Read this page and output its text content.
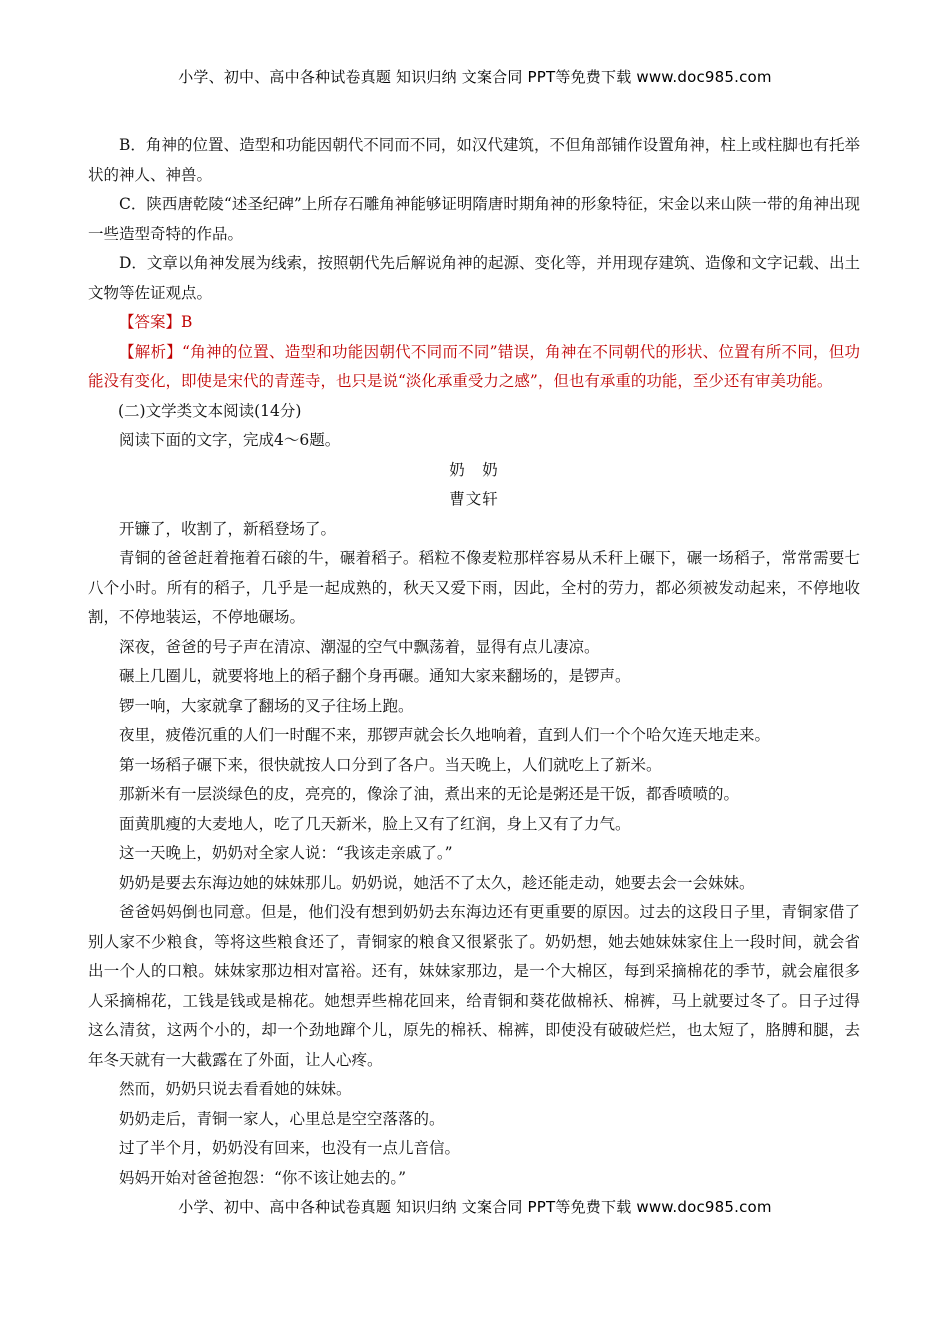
小学、初中、高中各种试卷真题 知识归纳 文案合同 PPT等免费下载 www.doc985.com

B．角神的位置、造型和功能因朝代不同而不同，如汉代建筑，不但角部铺作设置角神，柱上或柱脚也有托举状的神人、神兽。

C．陕西唐乾陵“述圣纪碑”上所存石雕角神能够证明隋唐时期角神的形象特征，宋金以来山陕一带的角神出现一些造型奇特的作品。

D．文章以角神发展为线索，按照朝代先后解说角神的起源、变化等，并用现存建筑、造像和文字记载、出土文物等佐证观点。

【答案】B

【解析】“角神的位置、造型和功能因朝代不同而不同”错误，角神在不同朝代的形状、位置有所不同，但功能没有变化，即使是宋代的青莲寺，也只是说“淡化承重受力之感”，但也有承重的功能，至少还有审美功能。

(二)文学类文本阅读(14分)

阅读下面的文字，完成4～6题。

奶　奶

曹文轩

开镰了，收割了，新稻登场了。

青铜的爸爸赶着拖着石磙的牛，碾着稻子。稻粒不像麦粒那样容易从禾秆上碾下，碾一场稻子，常常需要七八个小时。所有的稻子，几乎是一起成熟的，秋天又爱下雨，因此，全村的劳力，都必须被发动起来，不停地收割，不停地装运，不停地碾场。

深夜，爸爸的号子声在清凉、潮湿的空气中飘荡着，显得有点儿凄凉。

碾上几圈儿，就要将地上的稻子翻个身再碾。通知大家来翻场的，是锣声。

锣一响，大家就拿了翻场的叉子往场上跑。

夜里，疲倦沉重的人们一时醒不来，那锣声就会长久地响着，直到人们一个个哈欠连天地走来。

第一场稻子碾下来，很快就按人口分到了各户。当天晚上，人们就吃上了新米。

那新米有一层淡绿色的皮，亮亮的，像涂了油，煮出来的无论是粥还是干饭，都香喷喷的。

面黄肌瘦的大麦地人，吃了几天新米，脸上又有了红润，身上又有了力气。

这一天晚上，奶奶对全家人说：“我该走亲戚了。”

奶奶是要去东海边她的妹妹那儿。奶奶说，她活不了太久，趁还能走动，她要去会一会妹妹。

爸爸妈妈倒也同意。但是，他们没有想到奶奶去东海边还有更重要的原因。过去的这段日子里，青铜家借了别人家不少粮食，等将这些粮食还了，青铜家的粮食又很紧张了。奶奶想，她去她妹妹家住上一段时间，就会省出一个人的口粮。妹妹家那边相对富裕。还有，妹妹家那边，是一个大棉区，每到采摘棉花的季节，就会雇很多人采摘棉花，工钱是钱或是棉花。她想弄些棉花回来，给青铜和葵花做棉袄、棉裤，马上就要过冬了。日子过得这么清贫，这两个小的，却一个劲地蹿个儿，原先的棉袄、棉裤，即使没有破破烂烂，也太短了，胳膊和腿，去年冬天就有一大截露在了外面，让人心疼。

然而，奶奶只说去看看她的妹妹。

奶奶走后，青铜一家人，心里总是空空落落的。

过了半个月，奶奶没有回来，也没有一点儿音信。

妈妈开始对爸爸抱怨：“你不该让她去的。”

小学、初中、高中各种试卷真题 知识归纳 文案合同 PPT等免费下载 www.doc985.com
